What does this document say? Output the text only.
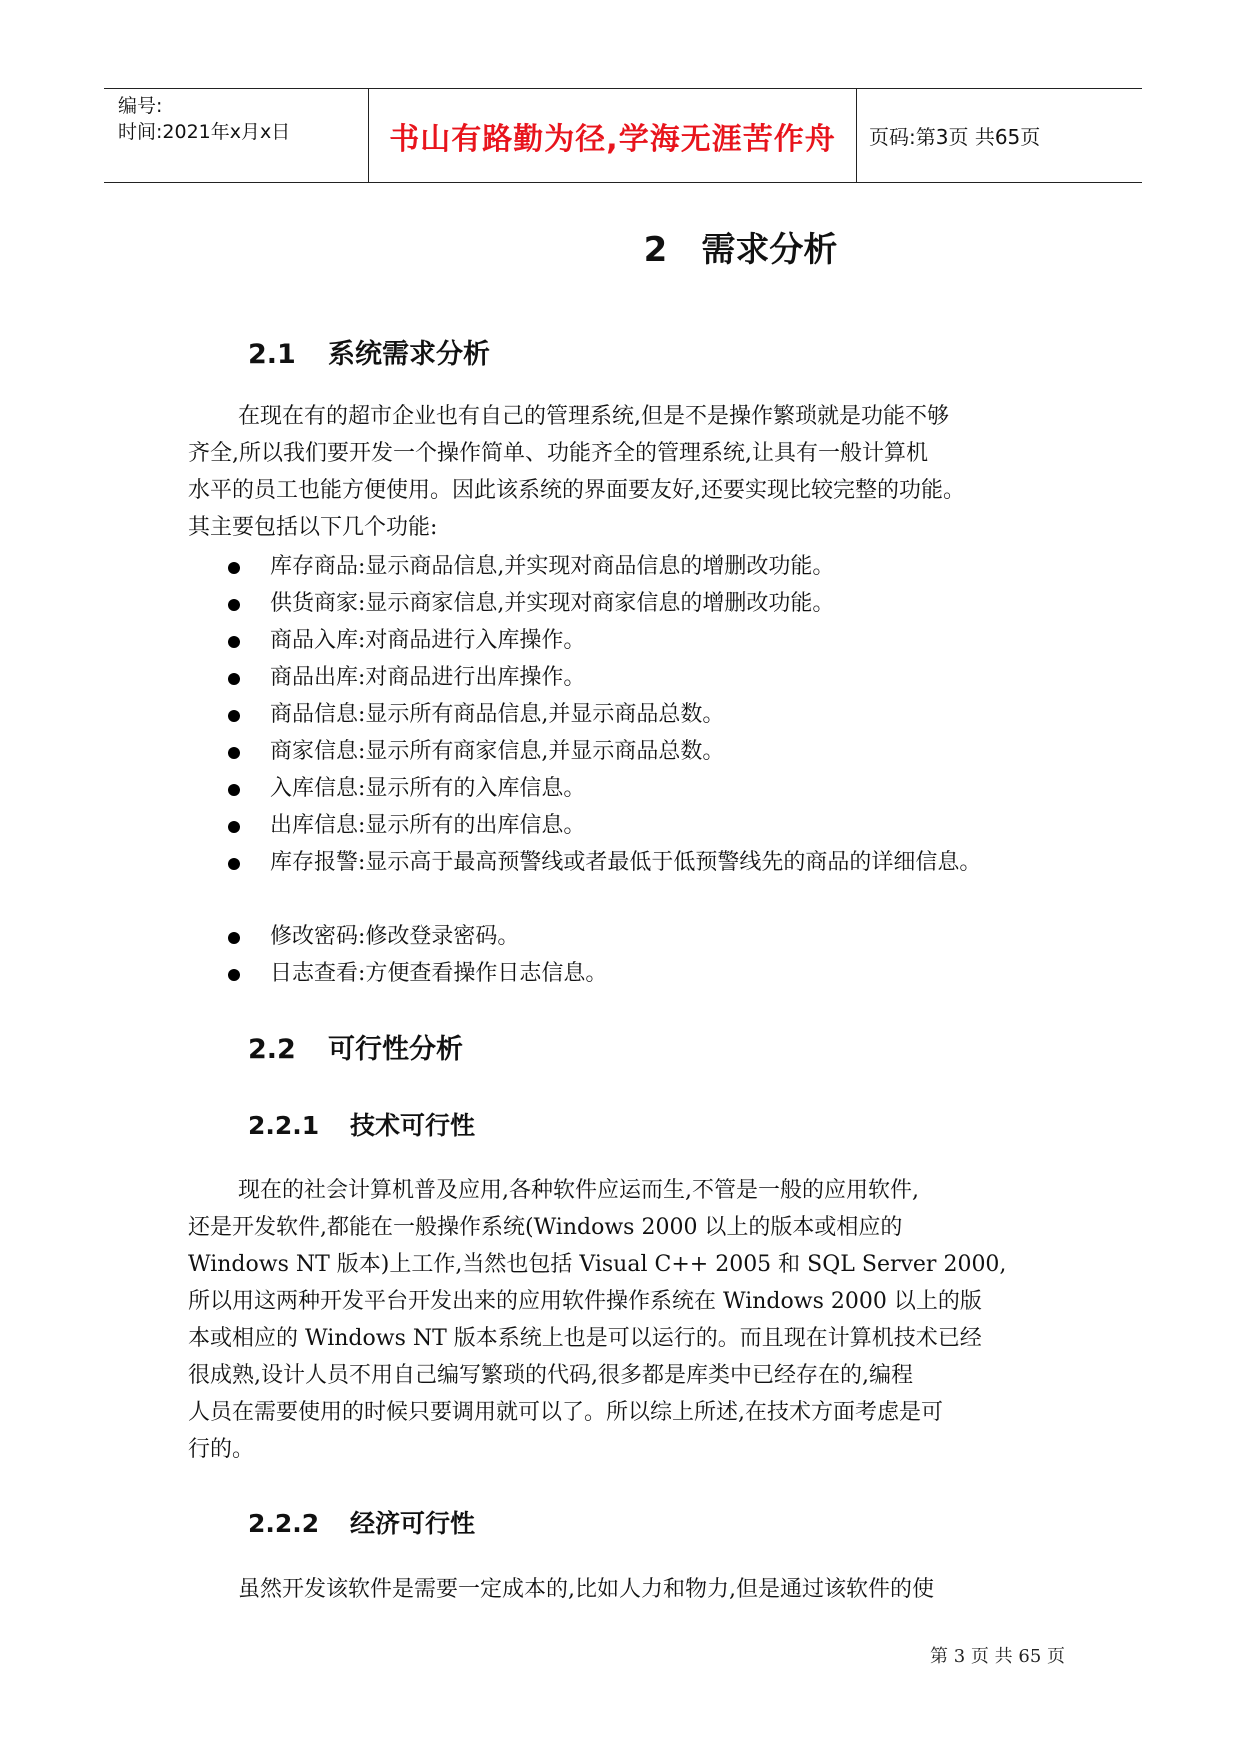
编号:
时间:2021年x月x日	书山有路勤为径,学海无涯苦作舟 页码:第3页 共65页
2 需求分析
2.1 系统需求分析
在现在有的超市企业也有自己的管理系统,但是不是操作繁琐就是功能不够
齐全,所以我们要开发一个操作简单、功能齐全的管理系统,让具有一般计算机
水平的员工也能方便使用。因此该系统的界面要友好,还要实现比较完整的功能。
其主要包括以下几个功能:
库存商品:显示商品信息,并实现对商品信息的增删改功能。
供货商家:显示商家信息,并实现对商家信息的增删改功能。
商品入库:对商品进行入库操作。
商品出库:对商品进行出库操作。
商品信息:显示所有商品信息,并显示商品总数。
商家信息:显示所有商家信息,并显示商品总数。
入库信息:显示所有的入库信息。
出库信息:显示所有的出库信息。
库存报警:显示高于最高预警线或者最低于低预警线先的商品的详细信息。
修改密码:修改登录密码。
日志查看:方便查看操作日志信息。
2.2 可行性分析
2.2.1 技术可行性
现在的社会计算机普及应用,各种软件应运而生,不管是一般的应用软件,
还是开发软件,都能在一般操作系统(Windows 2000 以上的版本或相应的
Windows NT 版本)上工作,当然也包括 Visual C++ 2005 和 SQL Server 2000,
所以用这两种开发平台开发出来的应用软件操作系统在 Windows 2000 以上的版
本或相应的 Windows NT 版本系统上也是可以运行的。而且现在计算机技术已经
很成熟,设计人员不用自己编写繁琐的代码,很多都是库类中已经存在的,编程
人员在需要使用的时候只要调用就可以了。所以综上所述,在技术方面考虑是可
行的。
2.2.2 经济可行性
虽然开发该软件是需要一定成本的,比如人力和物力,但是通过该软件的使
第 3 页 共 65 页
